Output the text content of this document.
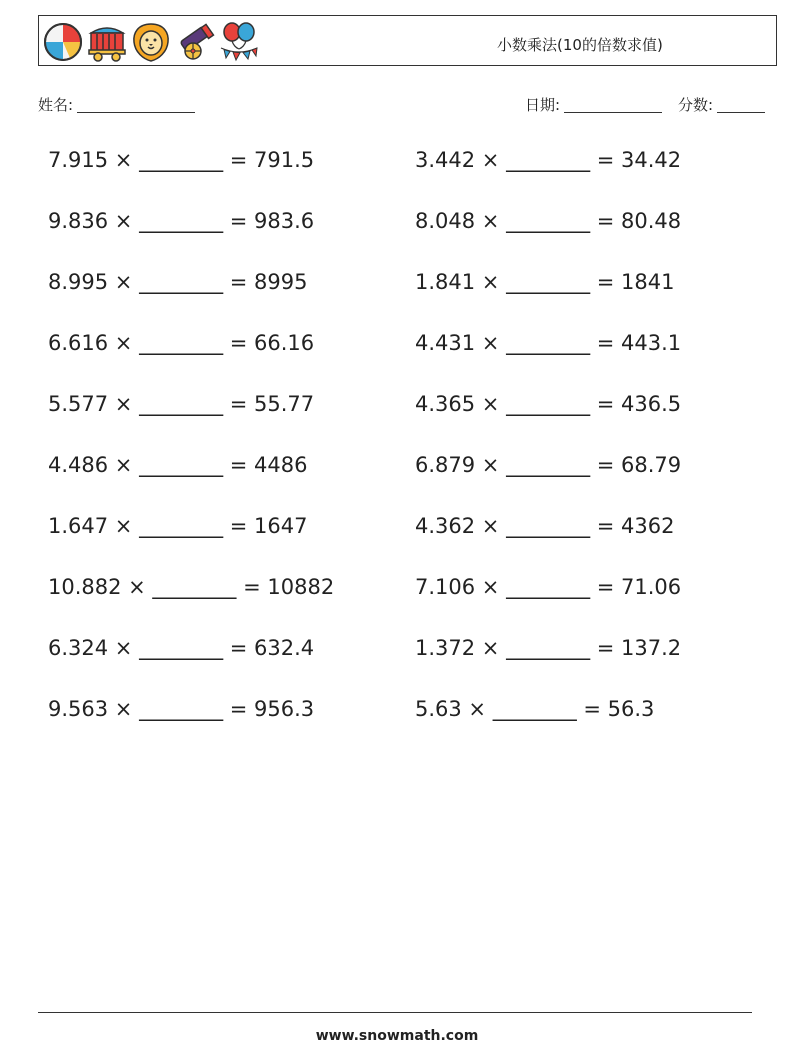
小数乘法(10的倍数求值)
姓名:	日期:	分数:
7.915 × ________ = 791.5
9.836 × ________ = 983.6
8.995 × ________ = 8995
6.616 × ________ = 66.16
5.577 × ________ = 55.77
4.486 × ________ = 4486
1.647 × ________ = 1647
10.882 × ________ = 10882
6.324 × ________ = 632.4
9.563 × ________ = 956.3
3.442 × ________ = 34.42
8.048 × ________ = 80.48
1.841 × ________ = 1841
4.431 × ________ = 443.1
4.365 × ________ = 436.5
6.879 × ________ = 68.79
4.362 × ________ = 4362
7.106 × ________ = 71.06
1.372 × ________ = 137.2
5.63 × ________ = 56.3
www.snowmath.com
